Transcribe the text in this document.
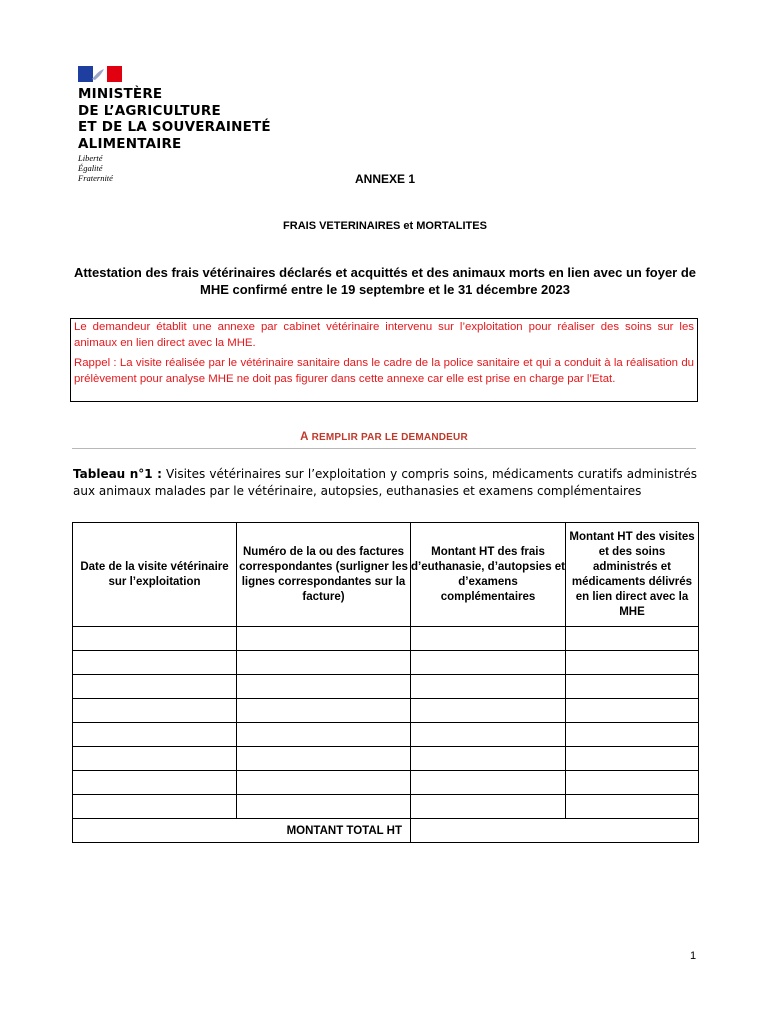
MINISTÈRE
DE L’AGRICULTURE
ET DE LA SOUVERAINETÉ
ALIMENTAIRE
Liberté
Égalité
Fraternité	ANNEXE 1
FRAIS VETERINAIRES et MORTALITES
Attestation des frais vétérinaires déclarés et acquittés et des animaux morts en lien avec un foyer de MHE confirmé entre le 19 septembre et le 31 décembre 2023

Le demandeur établit une annexe par cabinet vétérinaire intervenu sur l’exploitation pour réaliser des soins sur les animaux en lien direct avec la MHE.

Rappel : La visite réalisée par le vétérinaire sanitaire dans le cadre de la police sanitaire et qui a conduit à la réalisation du prélèvement pour analyse MHE ne doit pas figurer dans cette annexe car elle est prise en charge par l’Etat.

A REMPLIR PAR LE DEMANDEUR
Tableau n°1 : Visites vétérinaires sur l’exploitation y compris soins, médicaments curatifs administrés aux animaux malades par le vétérinaire, autopsies, euthanasies et examens complémentaires
Date de la visite vétérinaire sur l’exploitation	Numéro de la ou des factures correspondantes (surligner les lignes correspondantes sur la facture)	Montant HT des frais d’euthanasie, d’autopsies et d’examens complémentaires	Montant HT des visites et des soins administrés et médicaments délivrés en lien direct avec la MHE

MONTANT TOTAL HT			
1
